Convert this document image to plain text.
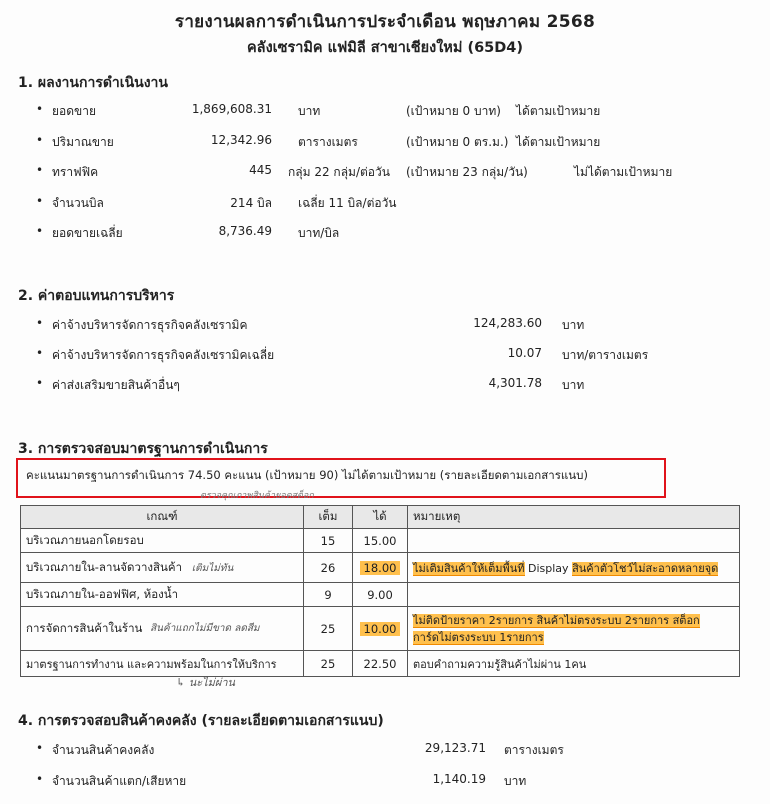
รายงานผลการดำเนินการประจำเดือน พฤษภาคม 2568
คลังเซรามิค แฟมิลี สาขาเชียงใหม่ (65D4)
1. ผลงานการดำเนินงาน
• ยอดขาย	1,869,608.31 บาท	(เป้าหมาย 0 บาท) ได้ตามเป้าหมาย
• ปริมาณขาย	12,342.96 ตารางเมตร	(เป้าหมาย 0 ตร.ม.) ได้ตามเป้าหมาย
• ทราฟฟิค	445 กลุ่ม 22 กลุ่ม/ต่อวัน (เป้าหมาย 23 กลุ่ม/วัน)	ไม่ได้ตามเป้าหมาย
• จำนวนบิล	214 บิล เฉลี่ย 11 บิล/ต่อวัน
• ยอดขายเฉลี่ย	8,736.49 บาท/บิล
2. ค่าตอบแทนการบริหาร
• ค่าจ้างบริหารจัดการธุรกิจคลังเซรามิค	124,283.60 บาท
• ค่าจ้างบริหารจัดการธุรกิจคลังเซรามิคเฉลี่ย	10.07 บาท/ตารางเมตร
• ค่าส่งเสริมขายสินค้าอื่นๆ	4,301.78 บาท
3. การตรวจสอบมาตรฐานการดำเนินการ
คะแนนมาตรฐานการดำเนินการ 74.50 คะแนน (เป้าหมาย 90) ไม่ได้ตามเป้าหมาย (รายละเอียดตามเอกสารแนบ)
ตรวจคุณภาพสินค้ายอดสต็อก
เกณฑ์	เต็ม	ได้	หมายเหตุ
บริเวณภายนอกโดยรอบ	15	15.00	
บริเวณภายใน-ลานจัดวางสินค้า เติมไม่ทัน	26	18.00	ไม่เติมสินค้าให้เต็มพื้นที่ Display สินค้าตัวโชว์ไม่สะอาดหลายจุด
บริเวณภายใน-ออฟฟิศ, ห้องน้ำ	9	9.00	
การจัดการสินค้าในร้าน สินค้าแถกไม่มีขาด ลดสีม	25	10.00	ไม่ติดป้ายราคา 2รายการ สินค้าไม่ตรงระบบ 2รายการ สต็อก
การ์ดไม่ตรงระบบ 1รายการ
มาตรฐานการทำงาน และความพร้อมในการให้บริการ	25	22.50	ตอบคำถามความรู้สินค้าไม่ผ่าน 1คน
↳ นะไม่ผ่าน
4. การตรวจสอบสินค้าคงคลัง (รายละเอียดตามเอกสารแนบ)
• จำนวนสินค้าคงคลัง	29,123.71 ตารางเมตร
• จำนวนสินค้าแตก/เสียหาย	1,140.19 บาท
